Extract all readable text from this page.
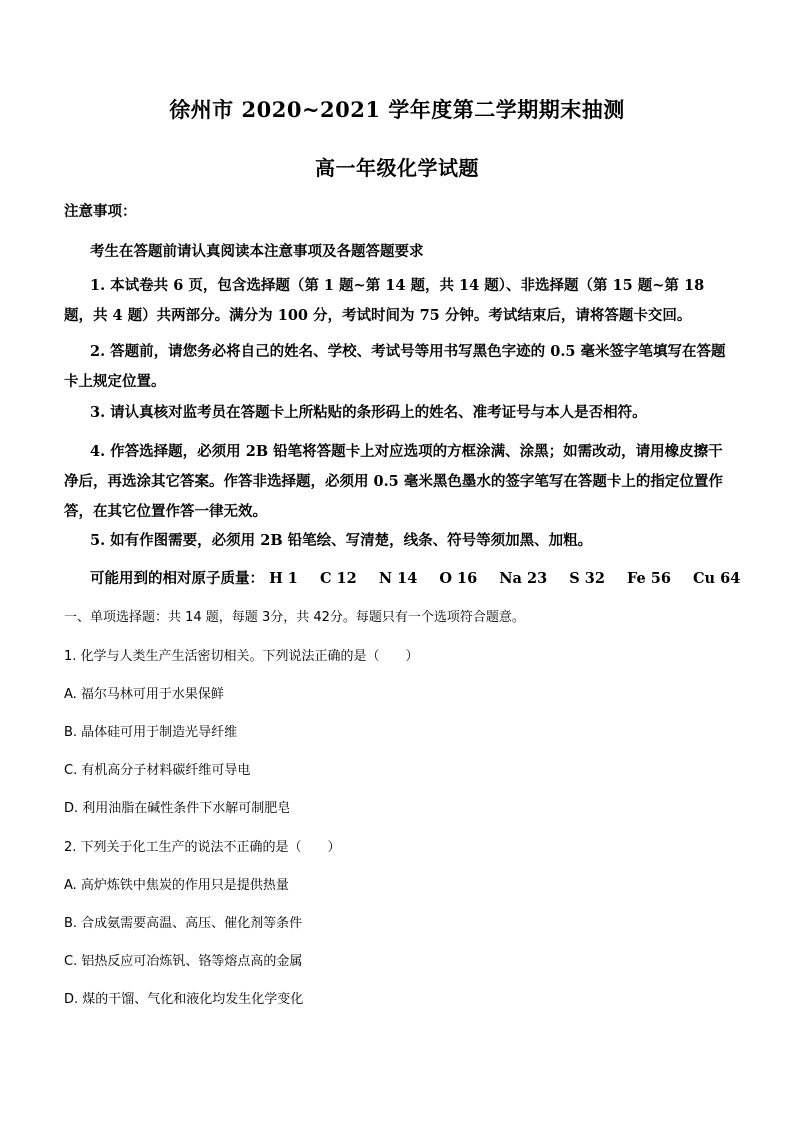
徐州市 2020~2021 学年度第二学期期末抽测
高一年级化学试题
注意事项：
考生在答题前请认真阅读本注意事项及各题答题要求
1. 本试卷共 6 页，包含选择题（第 1 题~第 14 题，共 14 题）、非选择题（第 15 题~第 18 题，共 4 题）共两部分。满分为 100 分，考试时间为 75 分钟。考试结束后，请将答题卡交回。
2. 答题前，请您务必将自己的姓名、学校、考试号等用书写黑色字迹的 0.5 毫米签字笔填写在答题卡上规定位置。
3. 请认真核对监考员在答题卡上所粘贴的条形码上的姓名、准考证号与本人是否相符。
4. 作答选择题，必须用 2B 铅笔将答题卡上对应选项的方框涂满、涂黑；如需改动，请用橡皮擦干净后，再选涂其它答案。作答非选择题，必须用 0.5 毫米黑色墨水的签字笔写在答题卡上的指定位置作答，在其它位置作答一律无效。
5. 如有作图需要，必须用 2B 铅笔绘、写清楚，线条、符号等须加黑、加粗。
可能用到的相对原子质量： H 1 C 12 N 14 O 16 Na 23 S 32 Fe 56 Cu 64
一、单项选择题：共 14 题，每题 3分，共 42分。每题只有一个选项符合题意。
1. 化学与人类生产生活密切相关。下列说法正确的是（　　）
A. 福尔马林可用于水果保鲜
B. 晶体硅可用于制造光导纤维
C. 有机高分子材料碳纤维可导电
D. 利用油脂在碱性条件下水解可制肥皂
2. 下列关于化工生产的说法不正确的是（　　）
A. 高炉炼铁中焦炭的作用只是提供热量
B. 合成氨需要高温、高压、催化剂等条件
C. 铝热反应可冶炼钒、铬等熔点高的金属
D. 煤的干馏、气化和液化均发生化学变化
